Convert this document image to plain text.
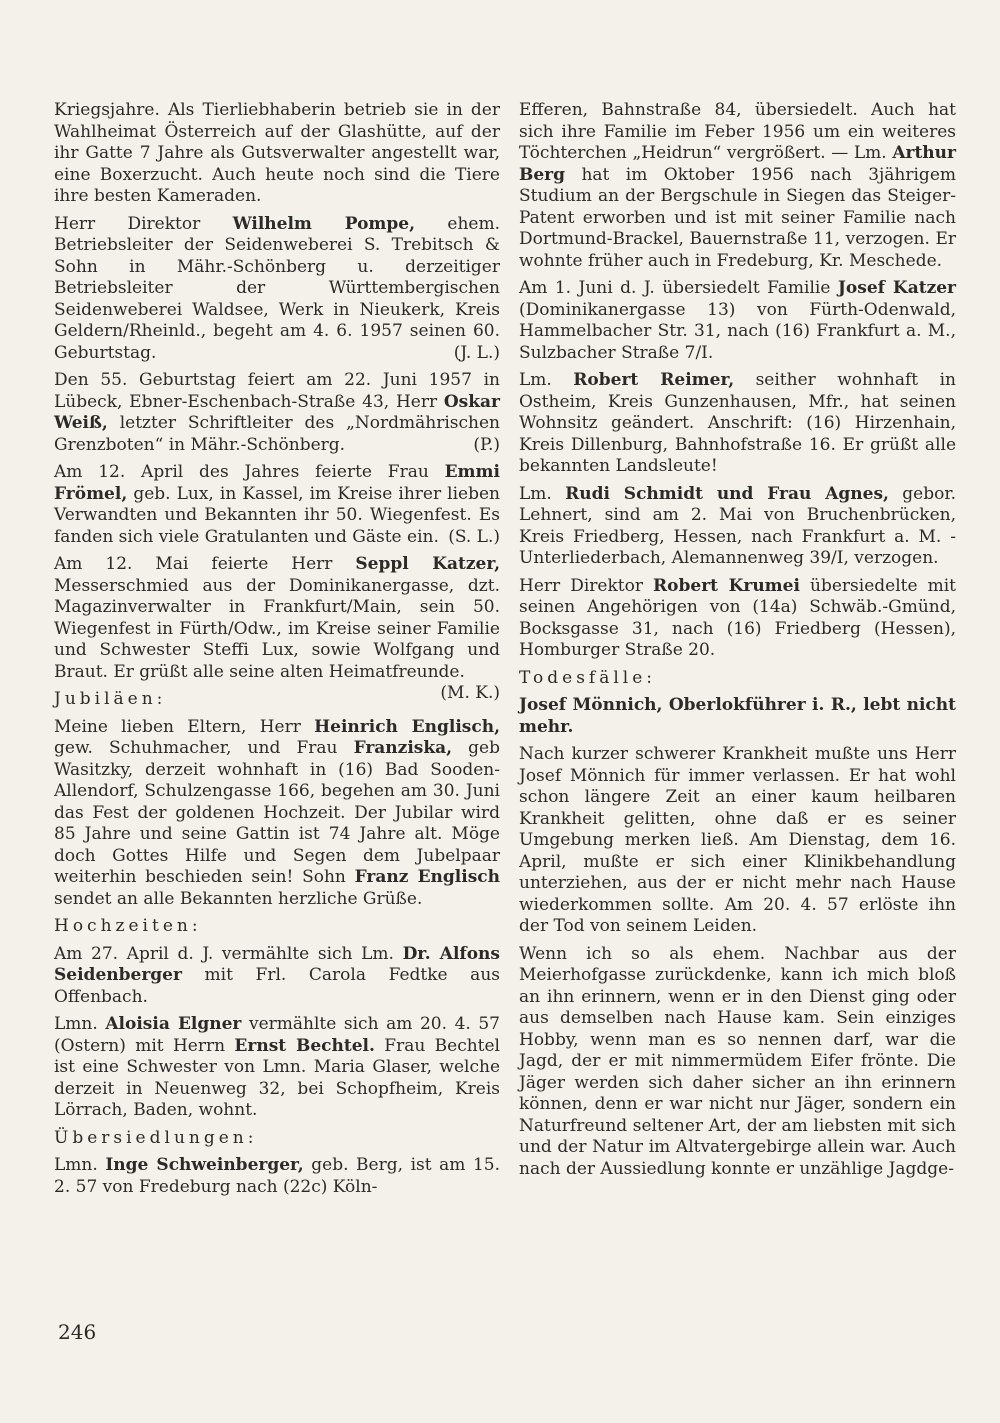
Kriegsjahre. Als Tierliebhaberin betrieb sie in der Wahlheimat Österreich auf der Glashütte, auf der ihr Gatte 7 Jahre als Gutsverwalter angestellt war, eine Boxerzucht. Auch heute noch sind die Tiere ihre besten Kameraden.

Herr Direktor Wilhelm Pompe, ehem. Betriebsleiter der Seidenweberei S. Trebitsch & Sohn in Mähr.-Schönberg u. derzeitiger Betriebsleiter der Württembergischen Seidenweberei Waldsee, Werk in Nieukerk, Kreis Geldern/Rheinld., begeht am 4. 6. 1957 seinen 60. Geburtstag.	(J. L.)

Den 55. Geburtstag feiert am 22. Juni 1957 in Lübeck, Ebner-Eschenbach-Straße 43, Herr Oskar Weiß, letzter Schriftleiter des „Nordmährischen Grenzboten“ in Mähr.-Schönberg.	(P.)

Am 12. April des Jahres feierte Frau Emmi Frömel, geb. Lux, in Kassel, im Kreise ihrer lieben Verwandten und Bekannten ihr 50. Wiegenfest. Es fanden sich viele Gratulanten und Gäste ein. (S. L.)

Am 12. Mai feierte Herr Seppl Katzer, Messerschmied aus der Dominikanergasse, dzt. Magazinverwalter in Frankfurt/Main, sein 50. Wiegenfest in Fürth/Odw., im Kreise seiner Familie und Schwester Steffi Lux, sowie Wolfgang und Braut. Er grüßt alle seine alten Heimatfreunde.
(M. K.)

Jubiläen:

Meine lieben Eltern, Herr Heinrich Englisch, gew. Schuhmacher, und Frau Franziska, geb Wasitzky, derzeit wohnhaft in (16) Bad Sooden-Allendorf, Schulzengasse 166, begehen am 30. Juni das Fest der goldenen Hochzeit. Der Jubilar wird 85 Jahre und seine Gattin ist 74 Jahre alt. Möge doch Gottes Hilfe und Segen dem Jubelpaar weiterhin beschieden sein! Sohn Franz Englisch sendet an alle Bekannten herzliche Grüße.

Hochzeiten:

Am 27. April d. J. vermählte sich Lm. Dr. Alfons Seidenberger mit Frl. Carola Fedtke aus Offenbach.

Lmn. Aloisia Elgner vermählte sich am 20. 4. 57 (Ostern) mit Herrn Ernst Bechtel. Frau Bechtel ist eine Schwester von Lmn. Maria Glaser, welche derzeit in Neuenweg 32, bei Schopfheim, Kreis Lörrach, Baden, wohnt.

Übersiedlungen:

Lmn. Inge Schweinberger, geb. Berg, ist am 15. 2. 57 von Fredeburg nach (22c) Köln-

Efferen, Bahnstraße 84, übersiedelt. Auch hat sich ihre Familie im Feber 1956 um ein weiteres Töchterchen „Heidrun“ vergrößert. — Lm. Arthur Berg hat im Oktober 1956 nach 3jährigem Studium an der Bergschule in Siegen das Steiger-Patent erworben und ist mit seiner Familie nach Dortmund-Brackel, Bauernstraße 11, verzogen. Er wohnte früher auch in Fredeburg, Kr. Meschede.

Am 1. Juni d. J. übersiedelt Familie Josef Katzer (Dominikanergasse 13) von Fürth-Odenwald, Hammelbacher Str. 31, nach (16) Frankfurt a. M., Sulzbacher Straße 7/I.

Lm. Robert Reimer, seither wohnhaft in Ostheim, Kreis Gunzenhausen, Mfr., hat seinen Wohnsitz geändert. Anschrift: (16) Hirzenhain, Kreis Dillenburg, Bahnhofstraße 16. Er grüßt alle bekannten Landsleute!

Lm. Rudi Schmidt und Frau Agnes, gebor. Lehnert, sind am 2. Mai von Bruchenbrücken, Kreis Friedberg, Hessen, nach Frankfurt a. M. - Unterliederbach, Alemannenweg 39/I, verzogen.

Herr Direktor Robert Krumei übersiedelte mit seinen Angehörigen von (14a) Schwäb.-Gmünd, Bocksgasse 31, nach (16) Friedberg (Hessen), Homburger Straße 20.

Todesfälle:

Josef Mönnich, Oberlokführer i. R., lebt nicht mehr.

Nach kurzer schwerer Krankheit mußte uns Herr Josef Mönnich für immer verlassen. Er hat wohl schon längere Zeit an einer kaum heilbaren Krankheit gelitten, ohne daß er es seiner Umgebung merken ließ. Am Dienstag, dem 16. April, mußte er sich einer Klinikbehandlung unterziehen, aus der er nicht mehr nach Hause wiederkommen sollte. Am 20. 4. 57 erlöste ihn der Tod von seinem Leiden.

Wenn ich so als ehem. Nachbar aus der Meierhofgasse zurückdenke, kann ich mich bloß an ihn erinnern, wenn er in den Dienst ging oder aus demselben nach Hause kam. Sein einziges Hobby, wenn man es so nennen darf, war die Jagd, der er mit nimmermüdem Eifer frönte. Die Jäger werden sich daher sicher an ihn erinnern können, denn er war nicht nur Jäger, sondern ein Naturfreund seltener Art, der am liebsten mit sich und der Natur im Altvatergebirge allein war. Auch nach der Aussiedlung konnte er unzählige Jagdge-

246
